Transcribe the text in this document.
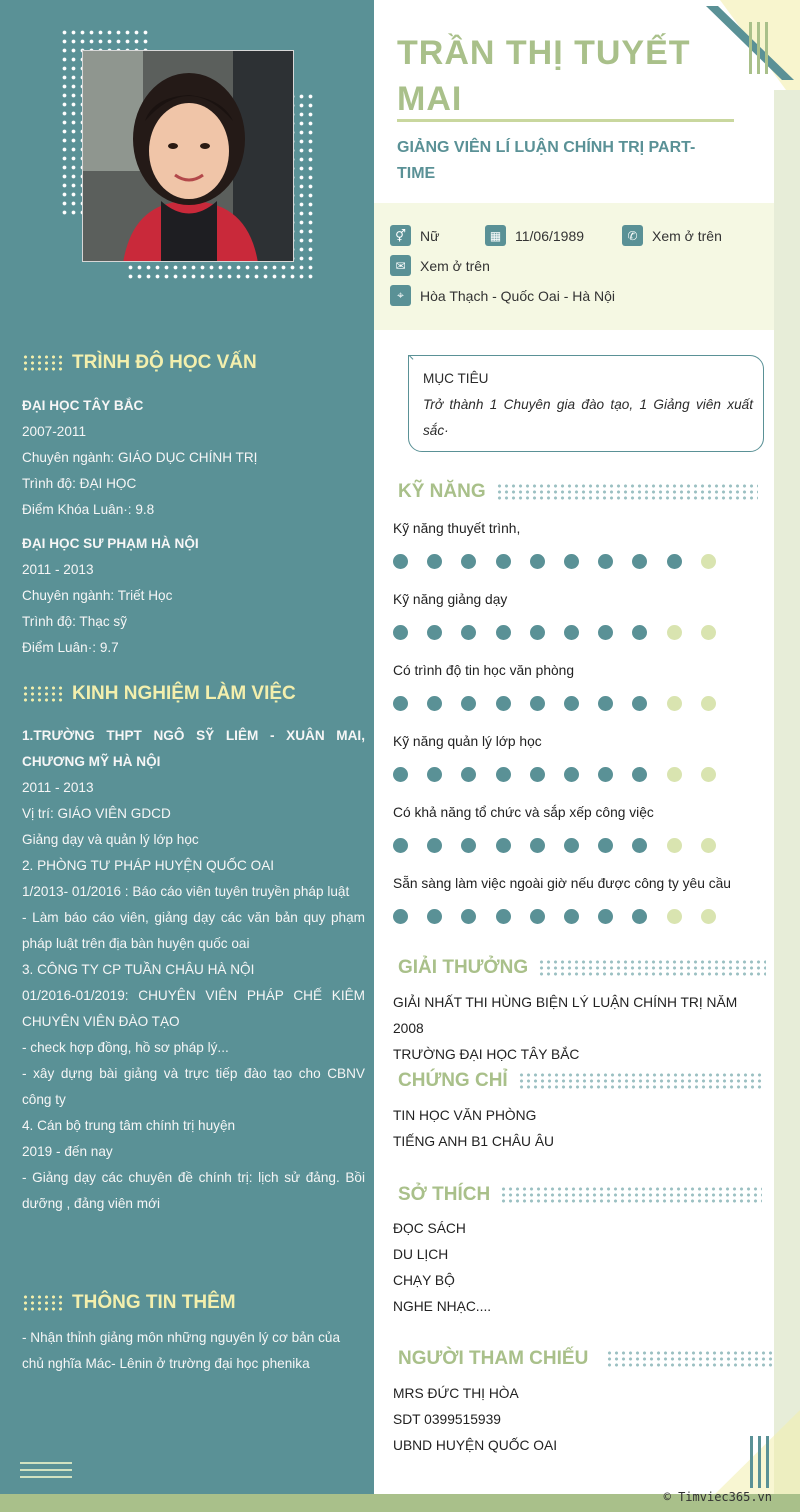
TRÌNH ĐỘ HỌC VẤN
ĐẠI HỌC TÂY BẮC
2007-2011
Chuyên ngành: GIÁO DỤC CHÍNH TRỊ
Trình độ: ĐẠI HỌC
Điểm Khóa Luân·: 9.8
ĐẠI HỌC SƯ PHẠM HÀ NỘI
2011 - 2013
Chuyên ngành: Triết Học
Trình độ: Thạc sỹ
Điểm Luân·: 9.7
KINH NGHIỆM LÀM VIỆC
1.TRƯỜNG THPT NGÔ SỸ LIÊM - XUÂN MAI, CHƯƠNG MỸ HÀ NỘI
2011 - 2013
Vị trí: GIÁO VIÊN GDCD
Giảng dạy và quản lý lớp học
2. PHÒNG TƯ PHÁP HUYỆN QUỐC OAI
1/2013- 01/2016 : Báo cáo viên tuyên truyền pháp luật
- Làm báo cáo viên, giảng dạy các văn bản quy phạm pháp luật trên địa bàn huyện quốc oai
3. CÔNG TY CP TUẦN CHÂU HÀ NỘI
01/2016-01/2019: CHUYÊN VIÊN PHÁP CHẾ KIÊM CHUYÊN VIÊN ĐÀO TẠO
- check hợp đồng, hồ sơ pháp lý...
- xây dựng bài giảng và trực tiếp đào tạo cho CBNV công ty
4. Cán bộ trung tâm chính trị huyện
2019 - đến nay
- Giảng dạy các chuyên đề chính trị: lịch sử đảng. Bồi dưỡng , đảng viên mới
THÔNG TIN THÊM
- Nhận thỉnh giảng môn những nguyên lý cơ bản của chủ nghĩa Mác- Lênin ở trường đại học phenika
TRẦN THỊ TUYẾT MAI
GIẢNG VIÊN LÍ LUẬN CHÍNH TRỊ PART-TIME
⚥	Nữ	▦ 11/06/1989	✆	Xem ở trên
✉	Xem ở trên
⌖	Hòa Thạch - Quốc Oai - Hà Nội
MỤC TIÊU
Trở thành 1 Chuyên gia đào tạo, 1 Giảng viên xuất sắc·
KỸ NĂNG
Kỹ năng thuyết trình,
Kỹ năng giảng dạy
Có trình độ tin học văn phòng
Kỹ năng quản lý lớp học
Có khả năng tổ chức và sắp xếp công việc
Sẵn sàng làm việc ngoài giờ nếu được công ty yêu cầu
GIẢI THƯỞNG
GIẢI NHẤT THI HÙNG BIỆN LÝ LUẬN CHÍNH TRỊ NĂM 2008
TRƯỜNG ĐẠI HỌC TÂY BẮC
CHỨNG CHỈ
TIN HỌC VĂN PHÒNG
TIẾNG ANH B1 CHÂU ÂU
SỞ THÍCH
ĐỌC SÁCH
DU LỊCH
CHẠY BỘ
NGHE NHẠC....
NGƯỜI THAM CHIẾU
MRS ĐỨC THỊ HÒA
SDT 0399515939
UBND HUYỆN QUỐC OAI
© Timviec365.vn
